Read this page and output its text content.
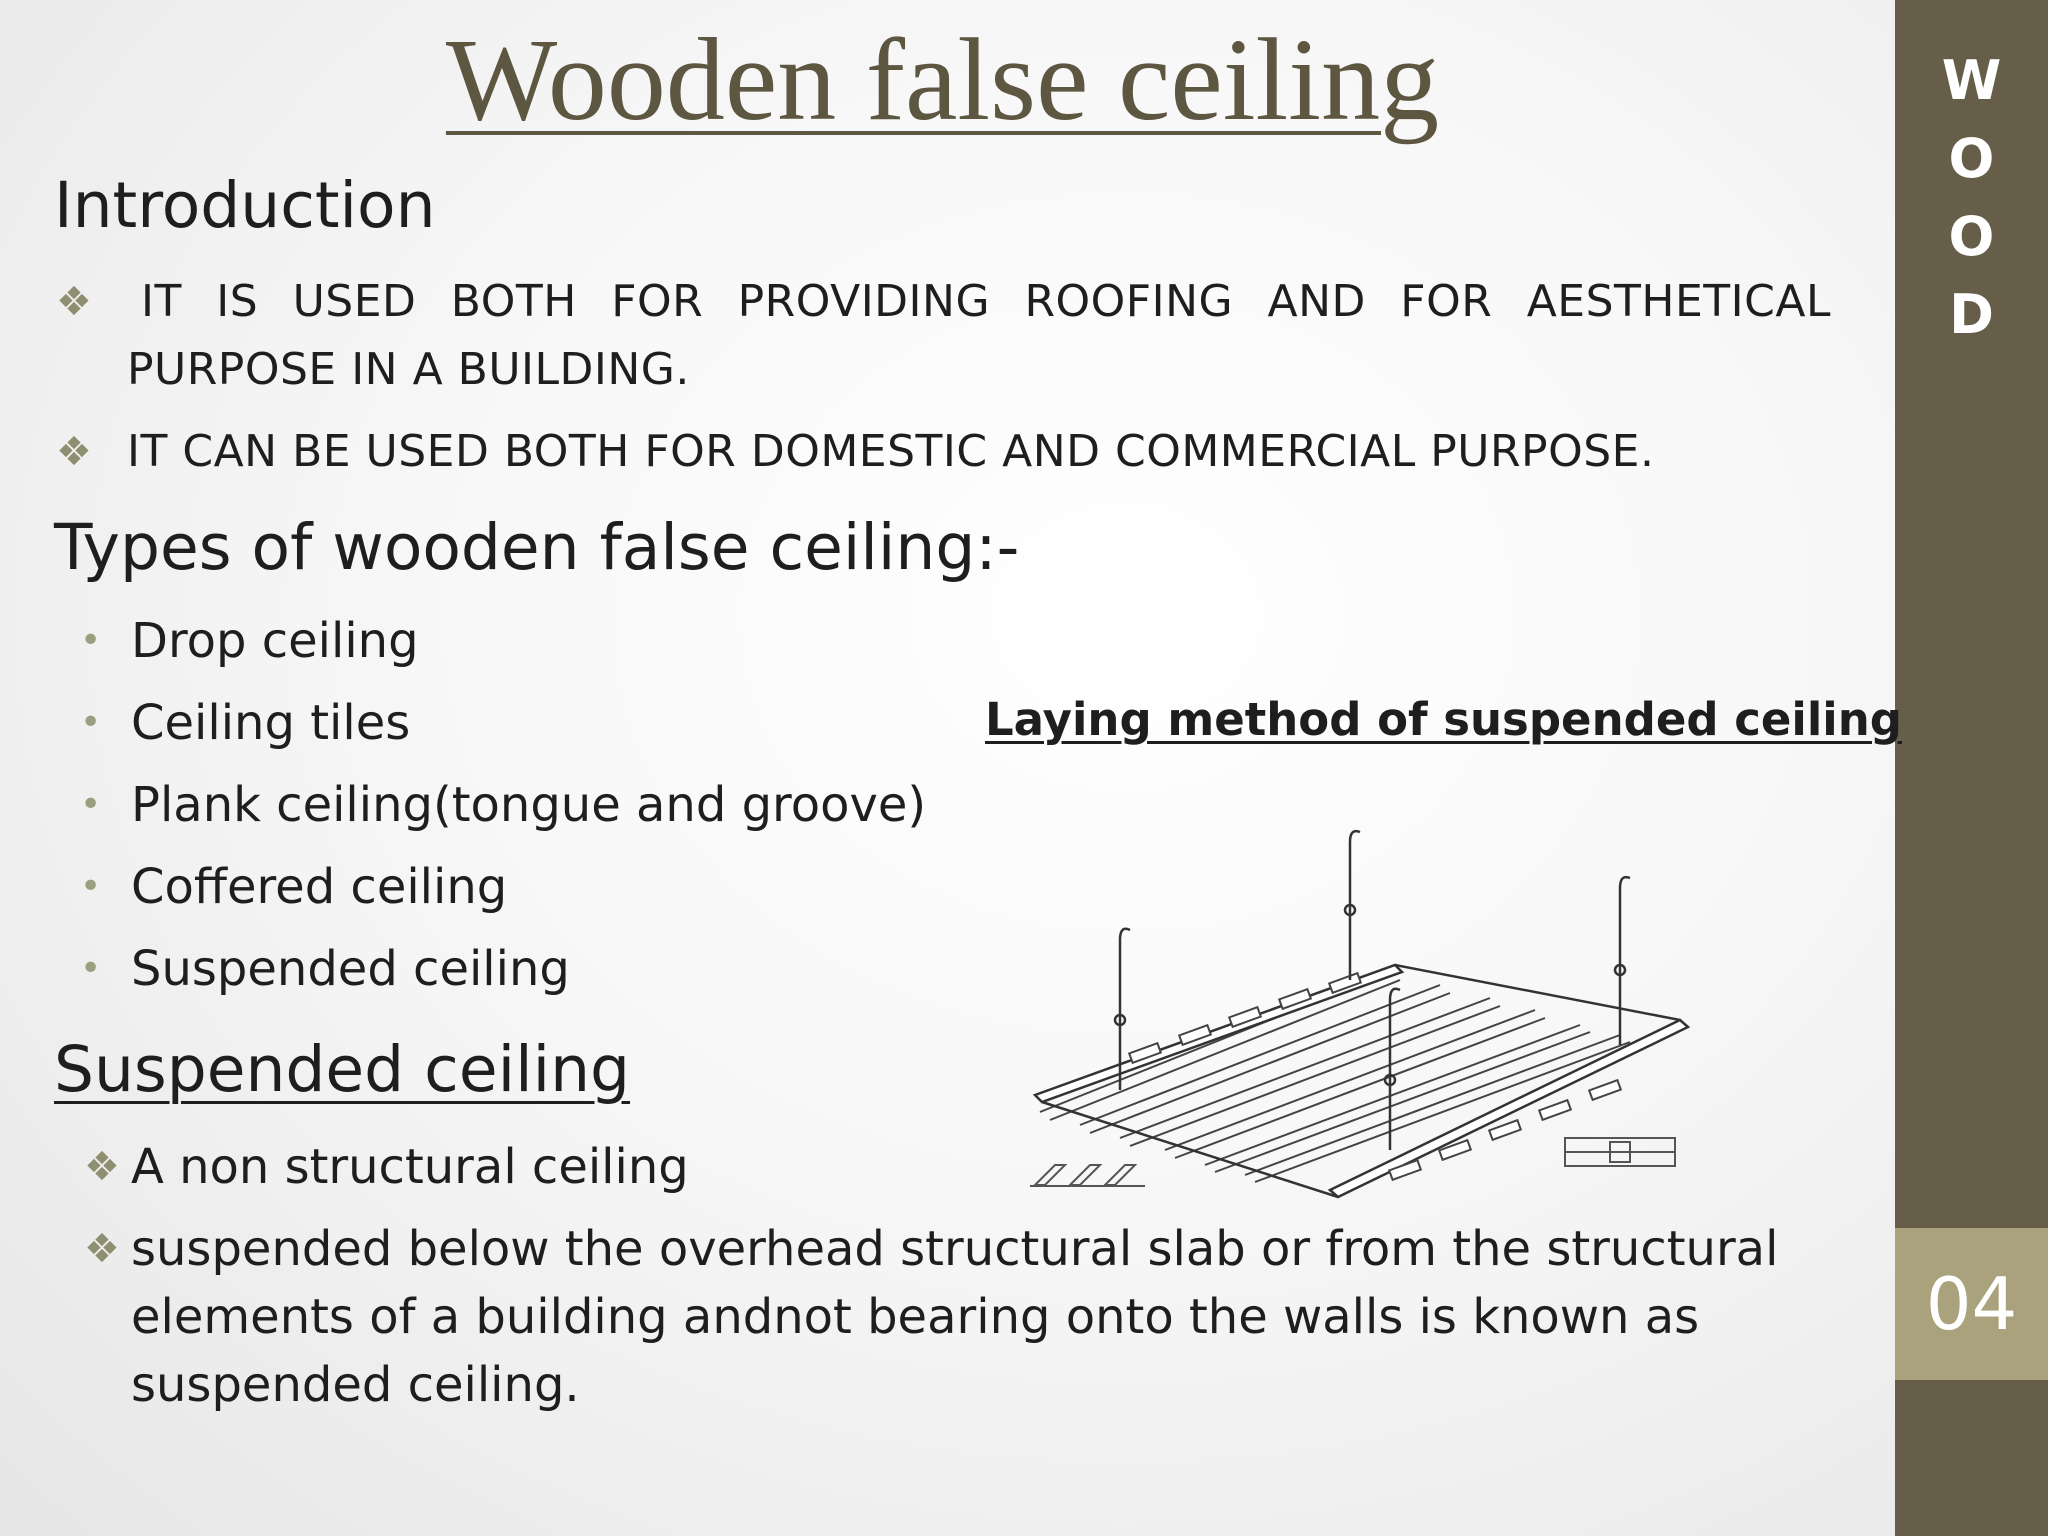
W
O
O
D
04
Wooden false ceiling
Introduction
❖ IT IS USED BOTH FOR PROVIDING ROOFING AND FOR AESTHETICAL
PURPOSE IN A BUILDING.
❖ IT CAN BE USED BOTH FOR DOMESTIC AND COMMERCIAL PURPOSE.
Types of wooden false ceiling:-
• Drop ceiling
• Ceiling tiles
• Plank ceiling(tongue and groove)
• Coffered ceiling
• Suspended ceiling
Laying method of suspended ceiling
Suspended ceiling
❖ A non structural ceiling
❖ suspended below the overhead structural slab or from the structural
elements of a building andnot bearing onto the walls is known as
suspended ceiling.
